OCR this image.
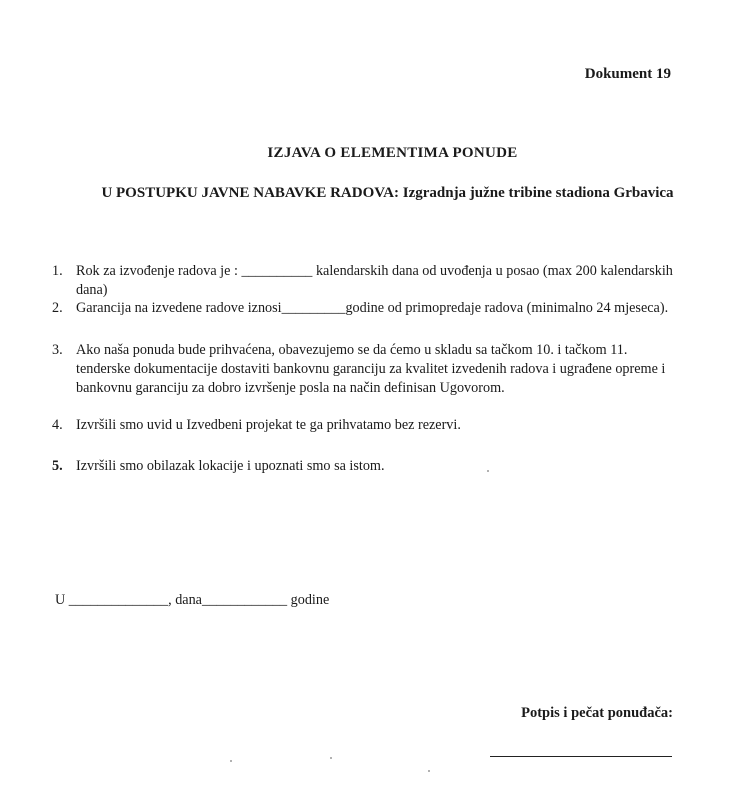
Dokument 19
IZJAVA O ELEMENTIMA PONUDE
U POSTUPKU JAVNE NABAVKE RADOVA: Izgradnja južne tribine stadiona Grbavica
1. Rok za izvođenje radova je : __________ kalendarskih dana od uvođenja u posao (max 200 kalendarskih dana)
2. Garancija na izvedene radove iznosi_________godine od primopredaje radova (minimalno 24 mjeseca).
3. Ako naša ponuda bude prihvaćena, obavezujemo se da ćemo u skladu sa tačkom 10. i tačkom 11. tenderske dokumentacije dostaviti bankovnu garanciju za kvalitet izvedenih radova i ugrađene opreme i bankovnu garanciju za dobro izvršenje posla na način definisan Ugovorom.
4. Izvršili smo uvid u Izvedbeni projekat te ga prihvatamo bez rezervi.
5. Izvršili smo obilazak lokacije i upoznati smo sa istom.
U ______________, dana____________ godine
Potpis i pečat ponuđača:
